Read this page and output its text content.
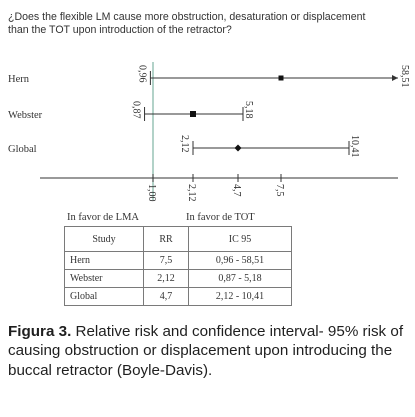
¿Does the flexible LM cause more obstruction, desaturation or displacement than the TOT upon introduction of the retractor?
1,00	2,12	4,7	7,5
Hern	0,96	58,51
Webster	0,87	5,18
Global	2,12	10,41
In favor de LMA	In favor de TOT
Study	RR	IC 95
Hern	7,5	0,96 - 58,51
Webster	2,12	0,87 - 5,18
Global	4,7	2,12 - 10,41
Figura 3. Relative risk and confidence interval- 95% risk of causing obstruction or displacement upon introducing the buccal retractor (Boyle-Davis).
